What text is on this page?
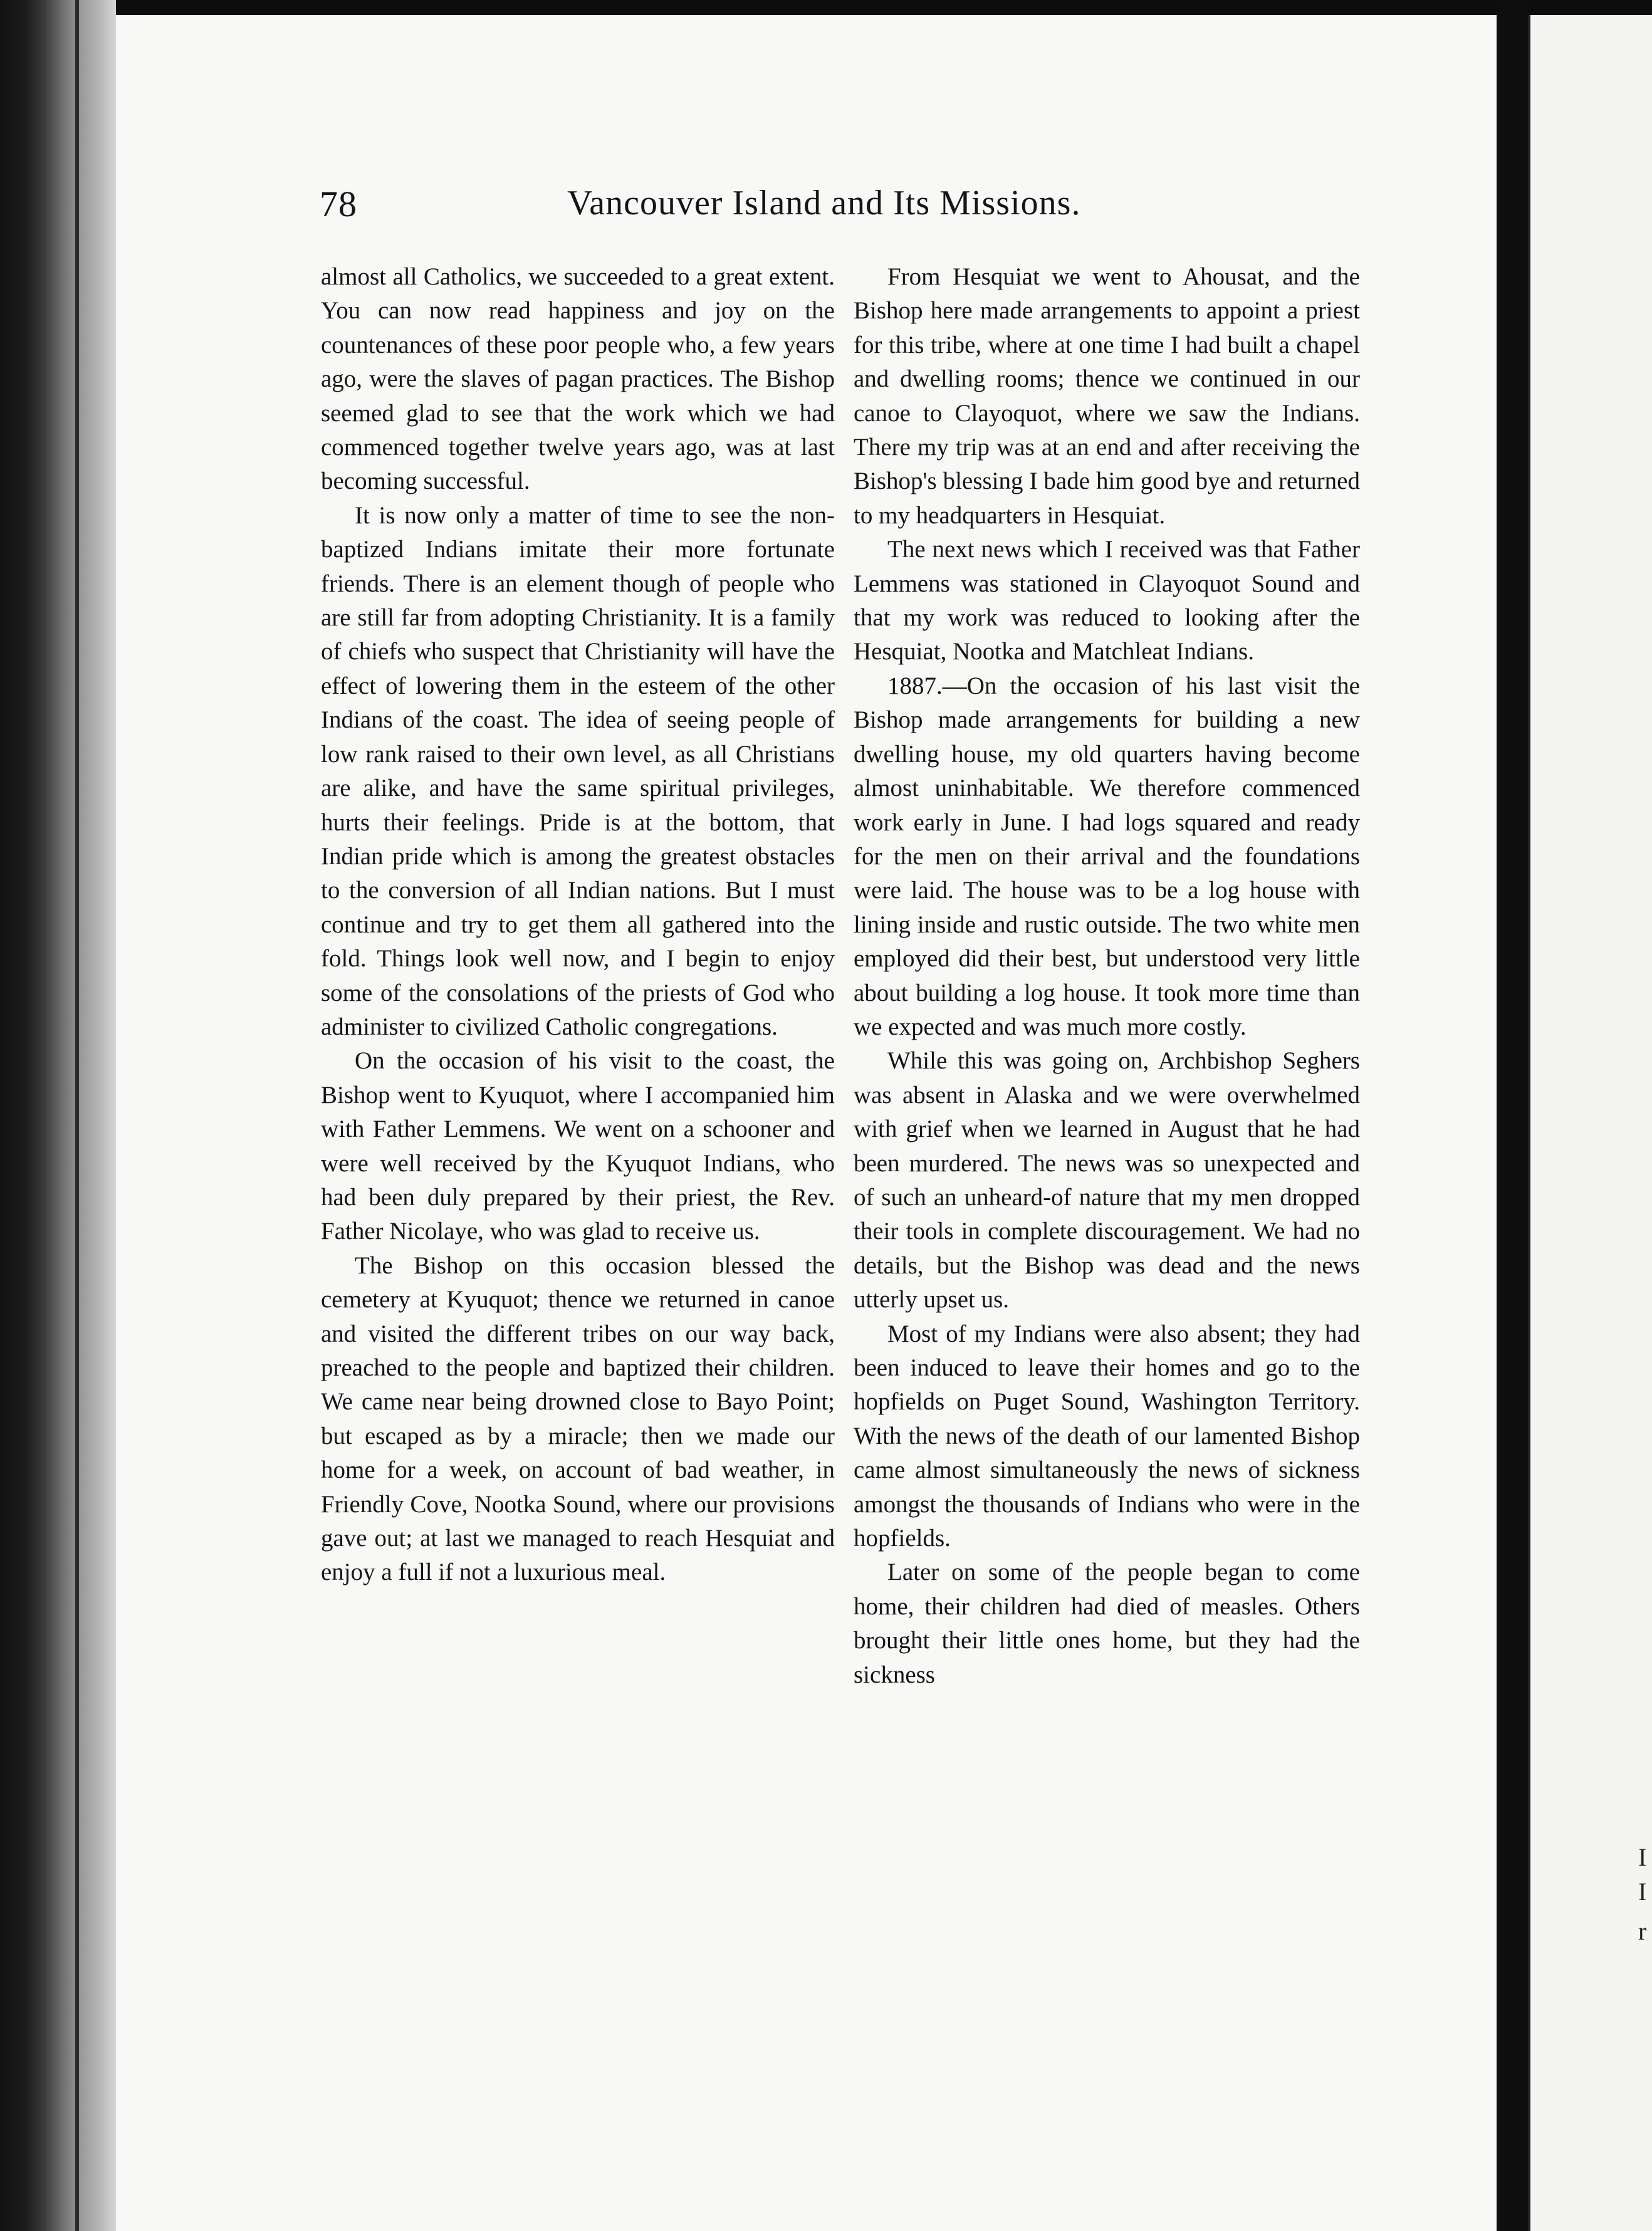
78	Vancouver Island and Its Missions.

almost all Catholics, we succeeded to a great extent. You can now read happiness and joy on the countenances of these poor people who, a few years ago, were the slaves of pagan practices. The Bishop seemed glad to see that the work which we had commenced together twelve years ago, was at last becoming successful.

It is now only a matter of time to see the non-baptized Indians imitate their more fortunate friends. There is an element though of people who are still far from adopting Christianity. It is a family of chiefs who suspect that Christianity will have the effect of lowering them in the esteem of the other Indians of the coast. The idea of seeing people of low rank raised to their own level, as all Christians are alike, and have the same spiritual privileges, hurts their feelings. Pride is at the bottom, that Indian pride which is among the greatest obstacles to the conversion of all Indian nations. But I must continue and try to get them all gathered into the fold. Things look well now, and I begin to enjoy some of the consolations of the priests of God who administer to civilized Catholic congregations.

On the occasion of his visit to the coast, the Bishop went to Kyuquot, where I accompanied him with Father Lemmens. We went on a schooner and were well received by the Kyuquot Indians, who had been duly prepared by their priest, the Rev. Father Nicolaye, who was glad to receive us.

The Bishop on this occasion blessed the cemetery at Kyuquot; thence we returned in canoe and visited the different tribes on our way back, preached to the people and baptized their children. We came near being drowned close to Bayo Point; but escaped as by a miracle; then we made our home for a week, on account of bad weather, in Friendly Cove, Nootka Sound, where our provisions gave out; at last we managed to reach Hesquiat and enjoy a full if not a luxurious meal.

From Hesquiat we went to Ahousat, and the Bishop here made arrangements to appoint a priest for this tribe, where at one time I had built a chapel and dwelling rooms; thence we continued in our canoe to Clayoquot, where we saw the Indians. There my trip was at an end and after receiving the Bishop's blessing I bade him good bye and returned to my headquarters in Hesquiat.

The next news which I received was that Father Lemmens was stationed in Clayoquot Sound and that my work was reduced to looking after the Hesquiat, Nootka and Matchleat Indians.

1887.—On the occasion of his last visit the Bishop made arrangements for building a new dwelling house, my old quarters having become almost uninhabitable. We therefore commenced work early in June. I had logs squared and ready for the men on their arrival and the foundations were laid. The house was to be a log house with lining inside and rustic outside. The two white men employed did their best, but understood very little about building a log house. It took more time than we expected and was much more costly.

While this was going on, Archbishop Seghers was absent in Alaska and we were overwhelmed with grief when we learned in August that he had been murdered. The news was so unexpected and of such an unheard-of nature that my men dropped their tools in complete discouragement. We had no details, but the Bishop was dead and the news utterly upset us.

Most of my Indians were also absent; they had been induced to leave their homes and go to the hopfields on Puget Sound, Washington Territory. With the news of the death of our lamented Bishop came almost simultaneously the news of sickness amongst the thousands of Indians who were in the hopfields.

Later on some of the people began to come home, their children had died of measles. Others brought their little ones home, but they had the sickness

I
I
r
